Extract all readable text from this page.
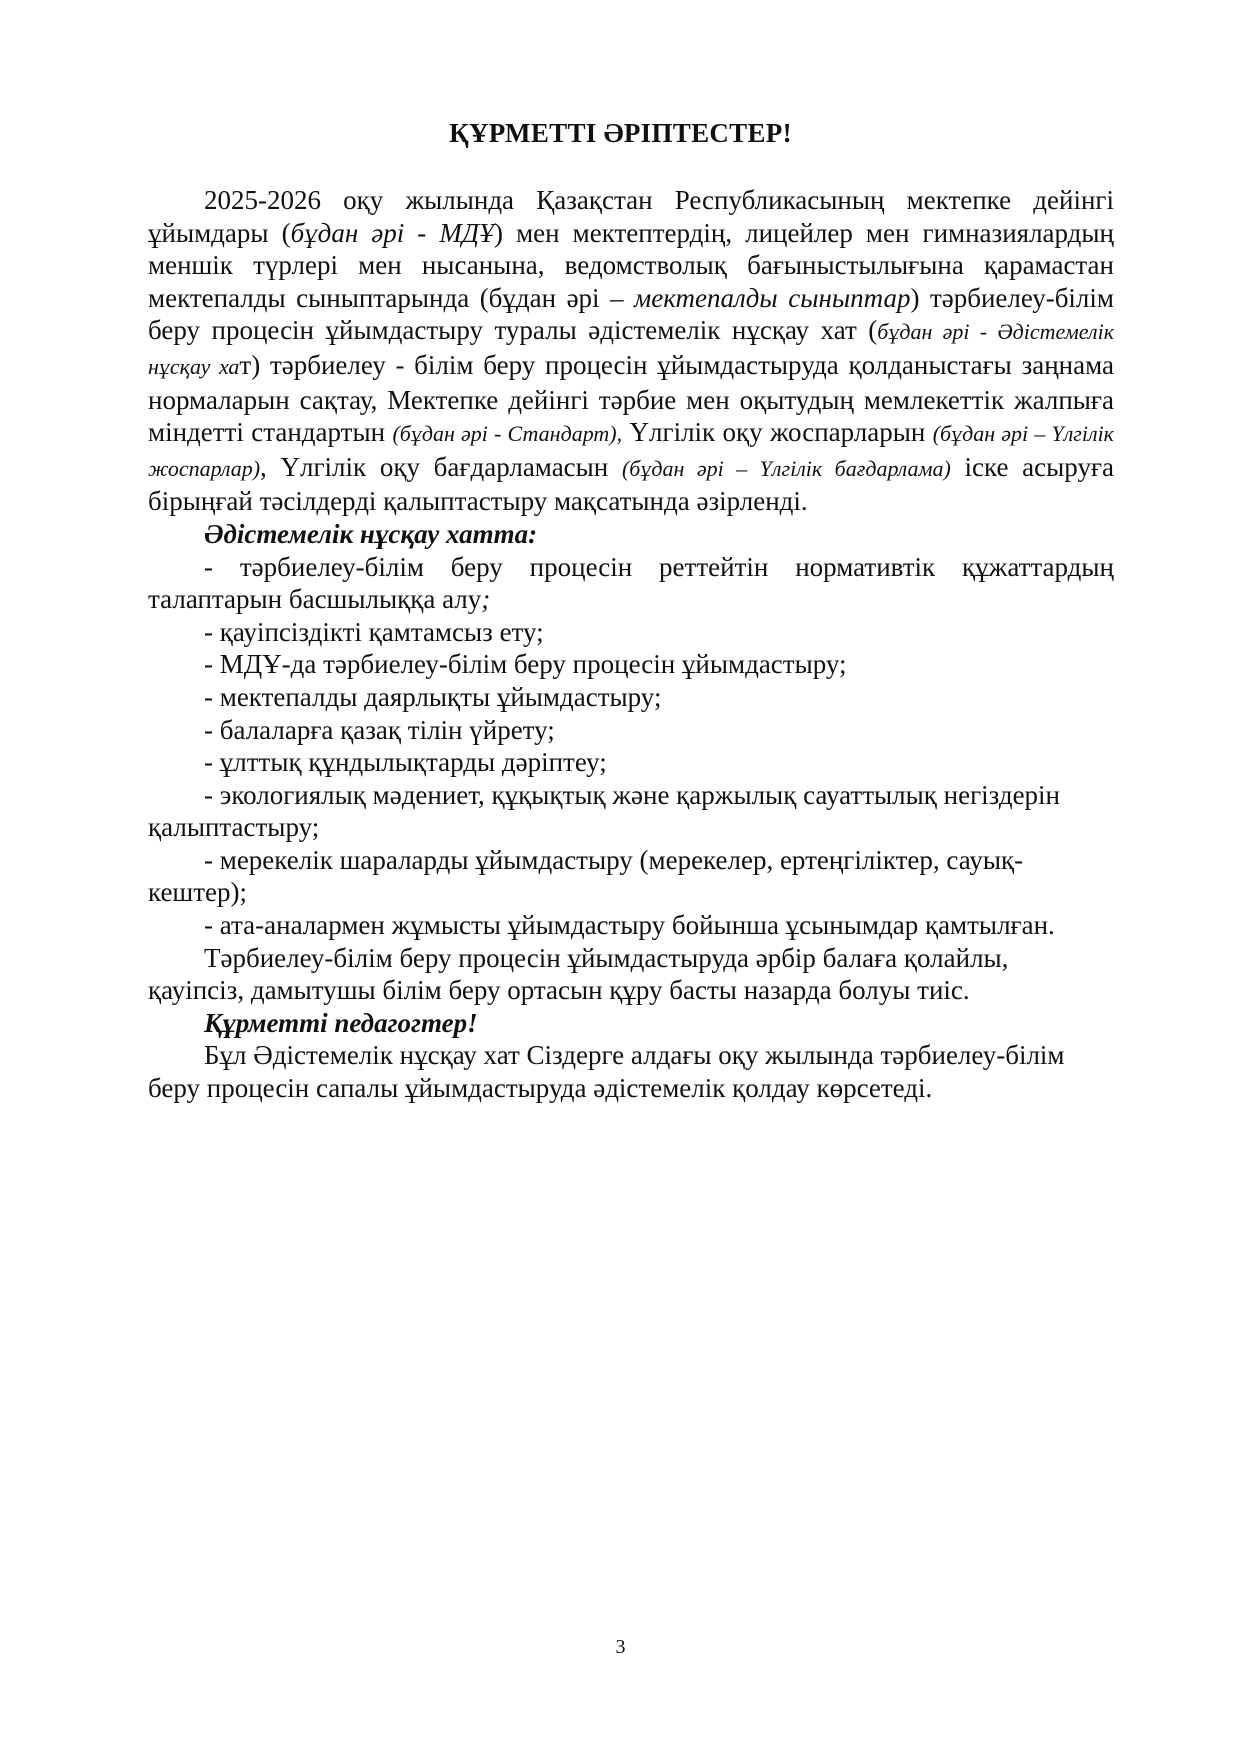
ҚҰРМЕТТІ ӘРІПТЕСТЕР!

2025-2026 оқу жылында Қазақстан Республикасының мектепке дейінгі ұйымдары (бұдан әрі - МДҰ) мен мектептердің, лицейлер мен гимназиялардың меншік түрлері мен нысанына, ведомстволық бағыныстылығына қарамастан мектепалды сыныптарында (бұдан әрі – мектепалды сыныптар) тәрбиелеу-білім беру процесін ұйымдастыру туралы әдістемелік нұсқау хат (бұдан әрі - Әдістемелік нұсқау хат) тәрбиелеу - білім беру процесін ұйымдастыруда қолданыстағы заңнама нормаларын сақтау, Мектепке дейінгі тәрбие мен оқытудың мемлекеттік жалпыға міндетті стандартын (бұдан әрі - Стандарт), Үлгілік оқу жоспарларын (бұдан әрі – Үлгілік жоспарлар), Үлгілік оқу бағдарламасын (бұдан әрі – Үлгілік бағдарлама) іске асыруға бірыңғай тәсілдерді қалыптастыру мақсатында әзірленді.

Әдістемелік нұсқау хатта:

- тәрбиелеу-білім беру процесін реттейтін нормативтік құжаттардың талаптарын басшылыққа алу;

- қауіпсіздікті қамтамсыз ету;

- МДҰ-да тәрбиелеу-білім беру процесін ұйымдастыру;

- мектепалды даярлықты ұйымдастыру;

- балаларға қазақ тілін үйрету;

- ұлттық құндылықтарды дәріптеу;

- экологиялық мәдениет, құқықтық және қаржылық сауаттылық негіздерін қалыптастыру;

- мерекелік шараларды ұйымдастыру (мерекелер, ертеңгіліктер, сауық-кештер);

- ата-аналармен жұмысты ұйымдастыру бойынша ұсынымдар қамтылған.

Тәрбиелеу-білім беру процесін ұйымдастыруда әрбір балаға қолайлы, қауіпсіз, дамытушы білім беру ортасын құру басты назарда болуы тиіс.

Құрметті педагогтер!

Бұл Әдістемелік нұсқау хат Сіздерге алдағы оқу жылында тәрбиелеу-білім беру процесін сапалы ұйымдастыруда әдістемелік қолдау көрсетеді.

3
